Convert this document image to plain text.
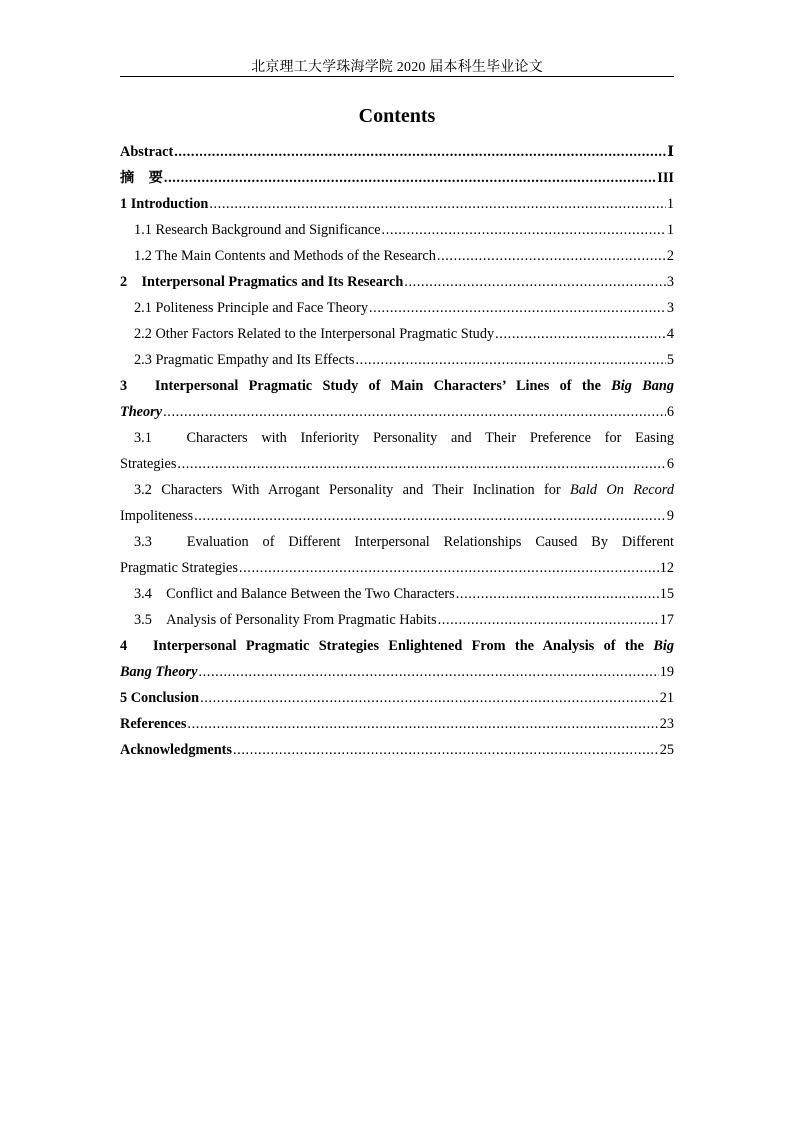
北京理工大学珠海学院 2020 届本科生毕业论文
Contents
Abstract .....	Ⅰ
摘　要 .....	III
1 Introduction .....	1
1.1 Research Background and Significance .....	1
1.2 The Main Contents and Methods of the Research .....	2
2　Interpersonal Pragmatics and Its Research .....	3
2.1 Politeness Principle and Face Theory .....	3
2.2 Other Factors Related to the Interpersonal Pragmatic Study .....	4
2.3 Pragmatic Empathy and Its Effects .....	5
3　Interpersonal Pragmatic Study of Main Characters’ Lines of the Big Bang
Theory .....	6
3.1　Characters with Inferiority Personality and Their Preference for Easing
Strategies .....	6
3.2 Characters With Arrogant Personality and Their Inclination for Bald On Record
Impoliteness .....	9
3.3　Evaluation of Different Interpersonal Relationships Caused By Different
Pragmatic Strategies .....	12
3.4　Conflict and Balance Between the Two Characters .....	15
3.5　Analysis of Personality From Pragmatic Habits .....	17
4　Interpersonal Pragmatic Strategies Enlightened From the Analysis of the Big
Bang Theory .....	19
5 Conclusion .....	21
References .....	23
Acknowledgments .....	25
